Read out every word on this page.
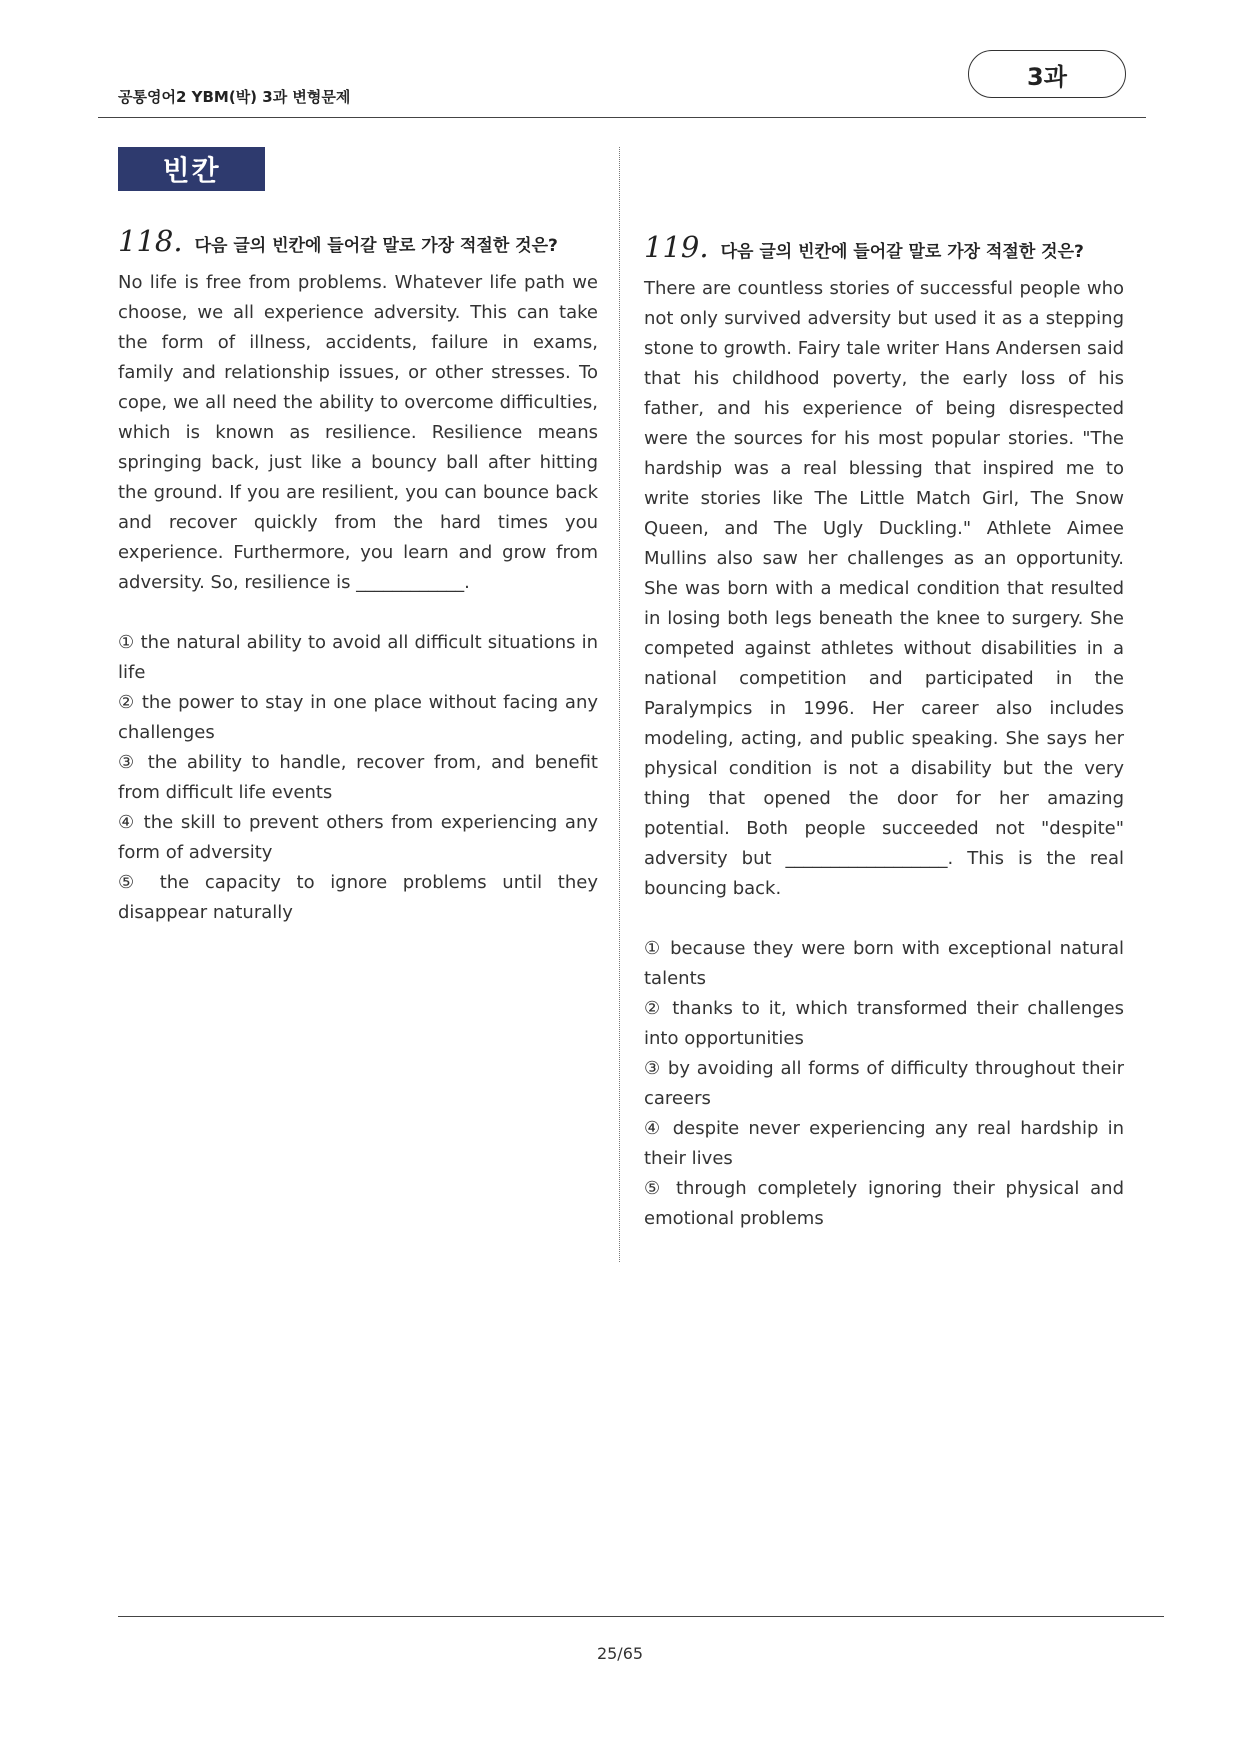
공통영어2 YBM(박) 3과 변형문제
3과
빈칸
118. 다음 글의 빈칸에 들어갈 말로 가장 적절한 것은?
No life is free from problems. Whatever life path we choose, we all experience adversity. This can take the form of illness, accidents, failure in exams, family and relationship issues, or other stresses. To cope, we all need the ability to overcome difficulties, which is known as resilience. Resilience means springing back, just like a bouncy ball after hitting the ground. If you are resilient, you can bounce back and recover quickly from the hard times you experience. Furthermore, you learn and grow from adversity. So, resilience is ____________.
① the natural ability to avoid all difficult situations in life
② the power to stay in one place without facing any challenges
③ the ability to handle, recover from, and benefit from difficult life events
④ the skill to prevent others from experiencing any form of adversity
⑤ the capacity to ignore problems until they disappear naturally
119. 다음 글의 빈칸에 들어갈 말로 가장 적절한 것은?
There are countless stories of successful people who not only survived adversity but used it as a stepping stone to growth. Fairy tale writer Hans Andersen said that his childhood poverty, the early loss of his father, and his experience of being disrespected were the sources for his most popular stories. "The hardship was a real blessing that inspired me to write stories like The Little Match Girl, The Snow Queen, and The Ugly Duckling." Athlete Aimee Mullins also saw her challenges as an opportunity. She was born with a medical condition that resulted in losing both legs beneath the knee to surgery. She competed against athletes without disabilities in a national competition and participated in the Paralympics in 1996. Her career also includes modeling, acting, and public speaking. She says her physical condition is not a disability but the very thing that opened the door for her amazing potential. Both people succeeded not "despite" adversity but __________________. This is the real bouncing back.
① because they were born with exceptional natural talents
② thanks to it, which transformed their challenges into opportunities
③ by avoiding all forms of difficulty throughout their careers
④ despite never experiencing any real hardship in their lives
⑤ through completely ignoring their physical and emotional problems
25/65
